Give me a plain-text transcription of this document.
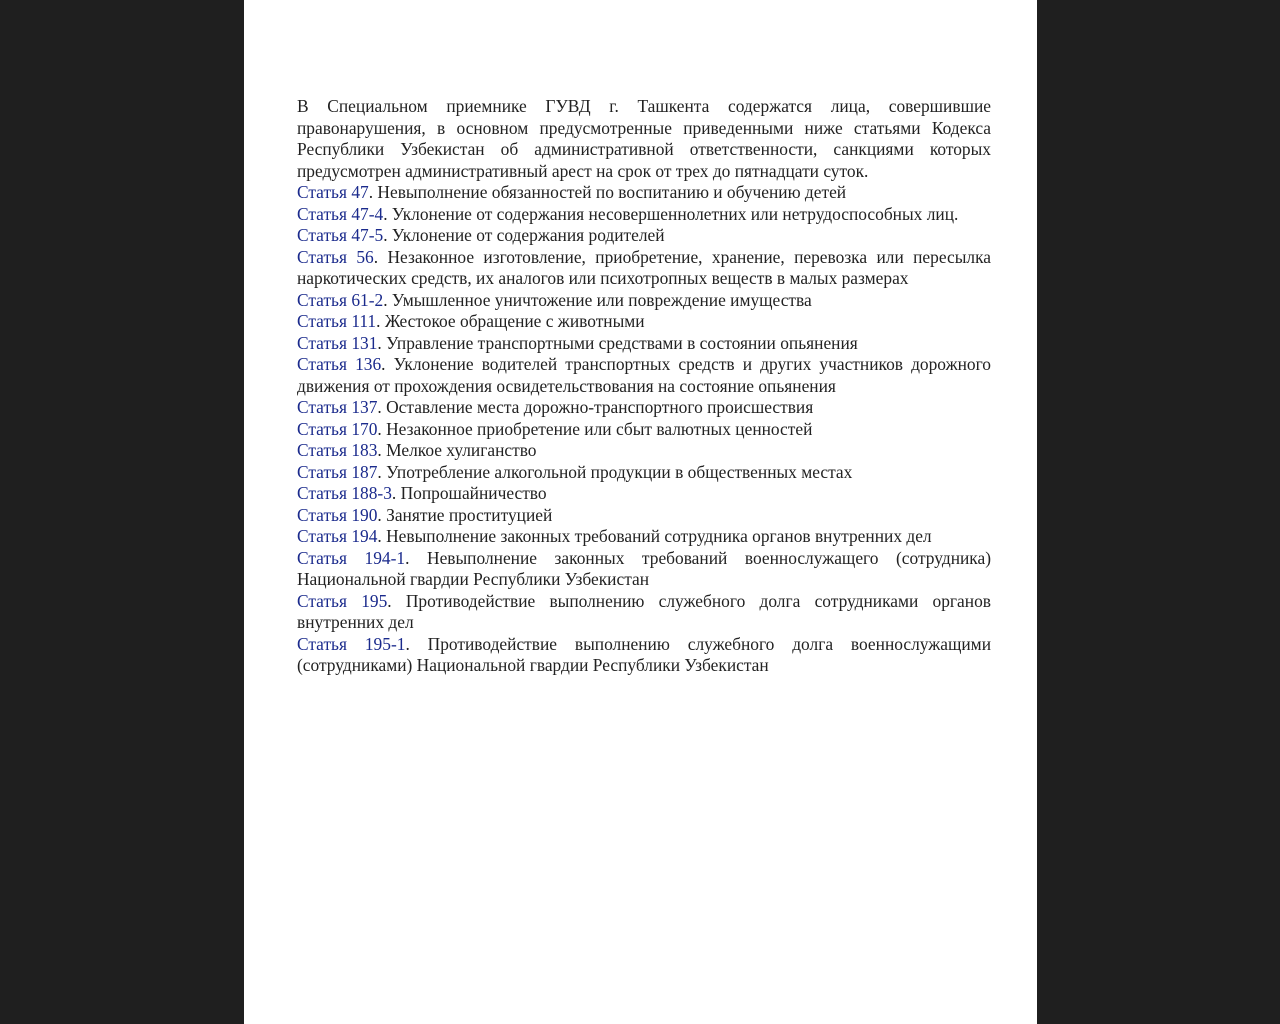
В Специальном приемнике ГУВД г. Ташкента содержатся лица, совершившие правонарушения, в основном предусмотренные приведенными ниже статьями Кодекса Республики Узбекистан об административной ответственности, санкциями которых предусмотрен административный арест на срок от трех до пятнадцати суток.

Статья 47. Невыполнение обязанностей по воспитанию и обучению детей

Статья 47-4. Уклонение от содержания несовершеннолетних или нетрудоспособных лиц.

Статья 47-5. Уклонение от содержания родителей

Статья 56. Незаконное изготовление, приобретение, хранение, перевозка или пересылка наркотических средств, их аналогов или психотропных веществ в малых размерах

Статья 61-2. Умышленное уничтожение или повреждение имущества

Статья 111. Жестокое обращение с животными

Статья 131. Управление транспортными средствами в состоянии опьянения

Статья 136. Уклонение водителей транспортных средств и других участников дорожного движения от прохождения освидетельствования на состояние опьянения

Статья 137. Оставление места дорожно-транспортного происшествия

Статья 170. Незаконное приобретение или сбыт валютных ценностей

Статья 183. Мелкое хулиганство

Статья 187. Употребление алкогольной продукции в общественных местах

Статья 188-3. Попрошайничество

Статья 190. Занятие проституцией

Статья 194. Невыполнение законных требований сотрудника органов внутренних дел

Статья 194-1. Невыполнение законных требований военнослужащего (сотрудника) Национальной гвардии Республики Узбекистан

Статья 195. Противодействие выполнению служебного долга сотрудниками органов внутренних дел

Статья 195-1. Противодействие выполнению служебного долга военнослужащими (сотрудниками) Национальной гвардии Республики Узбекистан
